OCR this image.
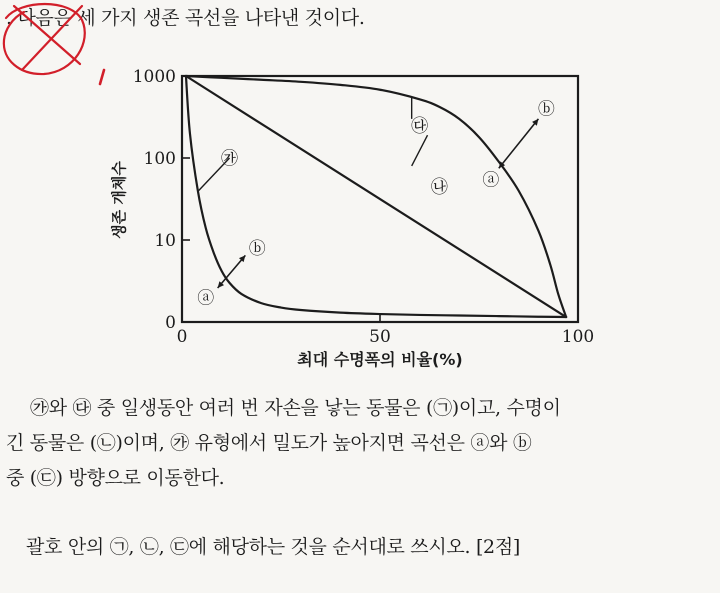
. 다음은 세 가지 생존 곡선을 나타낸 것이다.
0
10
100
1000
0	50	100
㉮
㉯
㉰
ⓐ
ⓑ
ⓐ
ⓑ
최대 수명폭의 비율(%)
생존 개체수
㉮와 ㉰ 중 일생동안 여러 번 자손을 낳는 동물은 (㉠)이고, 수명이
긴 동물은 (㉡)이며, ㉮ 유형에서 밀도가 높아지면 곡선은 ⓐ와 ⓑ
중 (㉢) 방향으로 이동한다.
괄호 안의 ㉠, ㉡, ㉢에 해당하는 것을 순서대로 쓰시오. [2점]
